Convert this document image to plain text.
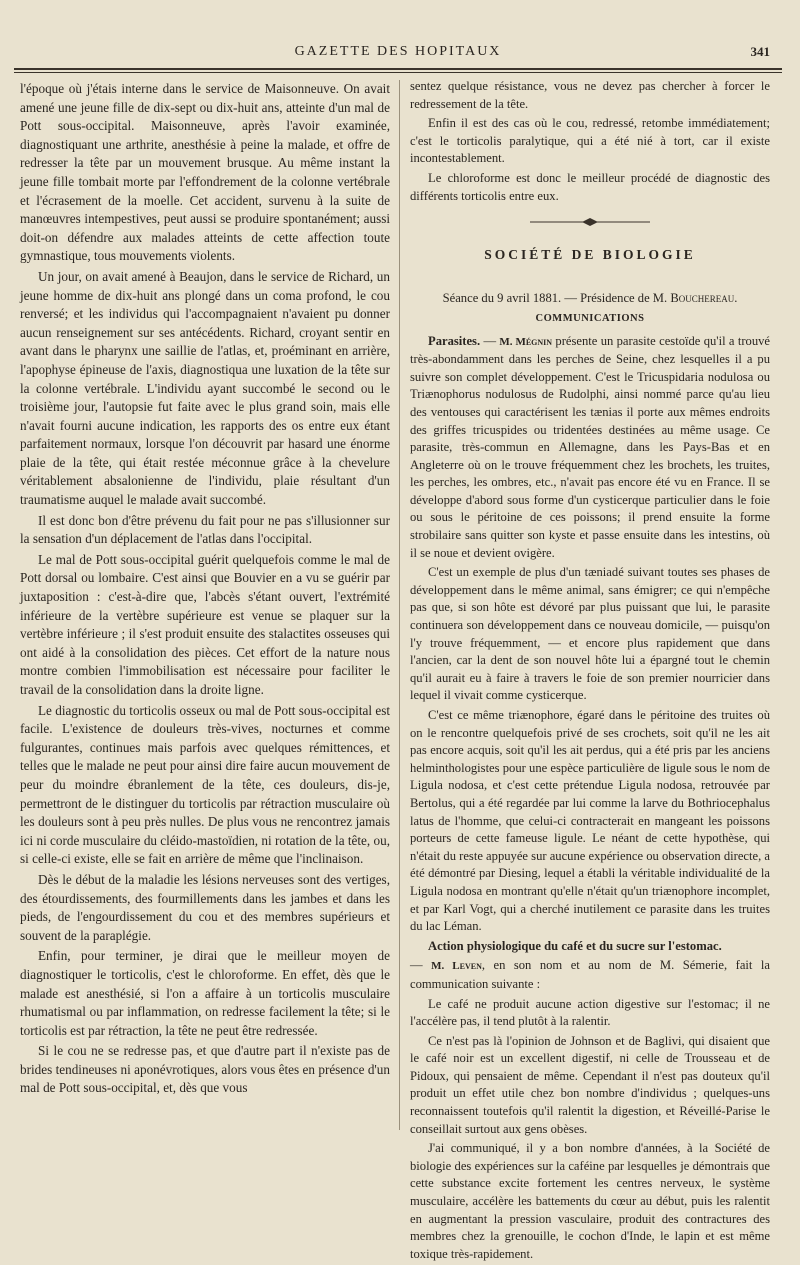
GAZETTE DES HOPITAUX	341

l'époque où j'étais interne dans le service de Maisonneuve. On avait amené une jeune fille de dix-sept ou dix-huit ans, atteinte d'un mal de Pott sous-occipital. Maisonneuve, après l'avoir examinée, diagnostiquant une arthrite, anesthésie à peine la malade, et offre de redresser la tête par un mouvement brusque. Au même instant la jeune fille tombait morte par l'effondrement de la colonne vertébrale et l'écrasement de la moelle. Cet accident, survenu à la suite de manœuvres intempestives, peut aussi se produire spontanément; aussi doit-on défendre aux malades atteints de cette affection toute gymnastique, tous mouvements violents.

Un jour, on avait amené à Beaujon, dans le service de Richard, un jeune homme de dix-huit ans plongé dans un coma profond, le cou renversé; et les individus qui l'accompagnaient n'avaient pu donner aucun renseignement sur ses antécédents. Richard, croyant sentir en avant dans le pharynx une saillie de l'atlas, et, proéminant en arrière, l'apophyse épineuse de l'axis, diagnostiqua une luxation de la tête sur la colonne vertébrale. L'individu ayant succombé le second ou le troisième jour, l'autopsie fut faite avec le plus grand soin, mais elle n'avait fourni aucune indication, les rapports des os entre eux étant parfaitement normaux, lorsque l'on découvrit par hasard une énorme plaie de la tête, qui était restée méconnue grâce à la chevelure véritablement absalonienne de l'individu, plaie résultant d'un traumatisme auquel le malade avait succombé.

Il est donc bon d'être prévenu du fait pour ne pas s'illusionner sur la sensation d'un déplacement de l'atlas dans l'occipital.

Le mal de Pott sous-occipital guérit quelquefois comme le mal de Pott dorsal ou lombaire. C'est ainsi que Bouvier en a vu se guérir par juxtaposition : c'est-à-dire que, l'abcès s'étant ouvert, l'extrémité inférieure de la vertèbre supérieure est venue se plaquer sur la vertèbre inférieure ; il s'est produit ensuite des stalactites osseuses qui ont aidé à la consolidation des pièces. Cet effort de la nature nous montre combien l'immobilisation est nécessaire pour faciliter le travail de la consolidation dans la droite ligne.

Le diagnostic du torticolis osseux ou mal de Pott sous-occipital est facile. L'existence de douleurs très-vives, nocturnes et comme fulgurantes, continues mais parfois avec quelques rémittences, et telles que le malade ne peut pour ainsi dire faire aucun mouvement de peur du moindre ébranlement de la tête, ces douleurs, dis-je, permettront de le distinguer du torticolis par rétraction musculaire où les douleurs sont à peu près nulles. De plus vous ne rencontrez jamais ici ni corde musculaire du cléido-mastoïdien, ni rotation de la tête, ou, si celle-ci existe, elle se fait en arrière de même que l'inclinaison.

Dès le début de la maladie les lésions nerveuses sont des vertiges, des étourdissements, des fourmillements dans les jambes et dans les pieds, de l'engourdissement du cou et des membres supérieurs et souvent de la paraplégie.

Enfin, pour terminer, je dirai que le meilleur moyen de diagnostiquer le torticolis, c'est le chloroforme. En effet, dès que le malade est anesthésié, si l'on a affaire à un torticolis musculaire rhumatismal ou par inflammation, on redresse facilement la tête; si le torticolis est par rétraction, la tête ne peut être redressée.

Si le cou ne se redresse pas, et que d'autre part il n'existe pas de brides tendineuses ni aponévrotiques, alors vous êtes en présence d'un mal de Pott sous-occipital, et, dès que vous

sentez quelque résistance, vous ne devez pas chercher à forcer le redressement de la tête.

Enfin il est des cas où le cou, redressé, retombe immédiatement; c'est le torticolis paralytique, qui a été nié à tort, car il existe incontestablement.

Le chloroforme est donc le meilleur procédé de diagnostic des différents torticolis entre eux.

SOCIÉTÉ DE BIOLOGIE

Séance du 9 avril 1881. — Présidence de M. Bouchereau.

COMMUNICATIONS

Parasites. — M. Mégnin présente un parasite cestoïde qu'il a trouvé très-abondamment dans les perches de Seine, chez lesquelles il a pu suivre son complet développement. C'est le Tricuspidaria nodulosa ou Triænophorus nodulosus de Rudolphi, ainsi nommé parce qu'au lieu des ventouses qui caractérisent les tænias il porte aux mêmes endroits des griffes tricuspides ou tridentées destinées au même usage. Ce parasite, très-commun en Allemagne, dans les Pays-Bas et en Angleterre où on le trouve fréquemment chez les brochets, les truites, les perches, les ombres, etc., n'avait pas encore été vu en France. Il se développe d'abord sous forme d'un cysticerque particulier dans le foie ou sous le péritoine de ces poissons; il prend ensuite la forme strobilaire sans quitter son kyste et passe ensuite dans les intestins, où il se noue et devient ovigère.

C'est un exemple de plus d'un tæniadé suivant toutes ses phases de développement dans le même animal, sans émigrer; ce qui n'empêche pas que, si son hôte est dévoré par plus puissant que lui, le parasite continuera son développement dans ce nouveau domicile, — puisqu'on l'y trouve fréquemment, — et encore plus rapidement que dans l'ancien, car la dent de son nouvel hôte lui a épargné tout le chemin qu'il aurait eu à faire à travers le foie de son premier nourricier dans lequel il vivait comme cysticerque.

C'est ce même triænophore, égaré dans le péritoine des truites où on le rencontre quelquefois privé de ses crochets, soit qu'il ne les ait pas encore acquis, soit qu'il les ait perdus, qui a été pris par les anciens helminthologistes pour une espèce particulière de ligule sous le nom de Ligula nodosa, et c'est cette prétendue Ligula nodosa, retrouvée par Bertolus, qui a été regardée par lui comme la larve du Bothriocephalus latus de l'homme, que celui-ci contracterait en mangeant les poissons porteurs de cette fameuse ligule. Le néant de cette hypothèse, qui n'était du reste appuyée sur aucune expérience ou observation directe, a été démontré par Diesing, lequel a établi la véritable individualité de la Ligula nodosa en montrant qu'elle n'était qu'un triænophore incomplet, et par Karl Vogt, qui a cherché inutilement ce parasite dans les truites du lac Léman.

Action physiologique du café et du sucre sur l'estomac.

— M. Leven, en son nom et au nom de M. Sémerie, fait la communication suivante :

Le café ne produit aucune action digestive sur l'estomac; il ne l'accélère pas, il tend plutôt à la ralentir.

Ce n'est pas là l'opinion de Johnson et de Baglivi, qui disaient que le café noir est un excellent digestif, ni celle de Trousseau et de Pidoux, qui pensaient de même. Cependant il n'est pas douteux qu'il produit un effet utile chez bon nombre d'individus ; quelques-uns reconnaissent toutefois qu'il ralentit la digestion, et Réveillé-Parise le conseillait surtout aux gens obèses.

J'ai communiqué, il y a bon nombre d'années, à la Société de biologie des expériences sur la caféine par lesquelles je démontrais que cette substance excite fortement les centres nerveux, le système musculaire, accélère les battements du cœur au début, puis les ralentit en augmentant la pression vasculaire, produit des contractures des membres chez la grenouille, le cochon d'Inde, le lapin et est même toxique très-rapidement.
